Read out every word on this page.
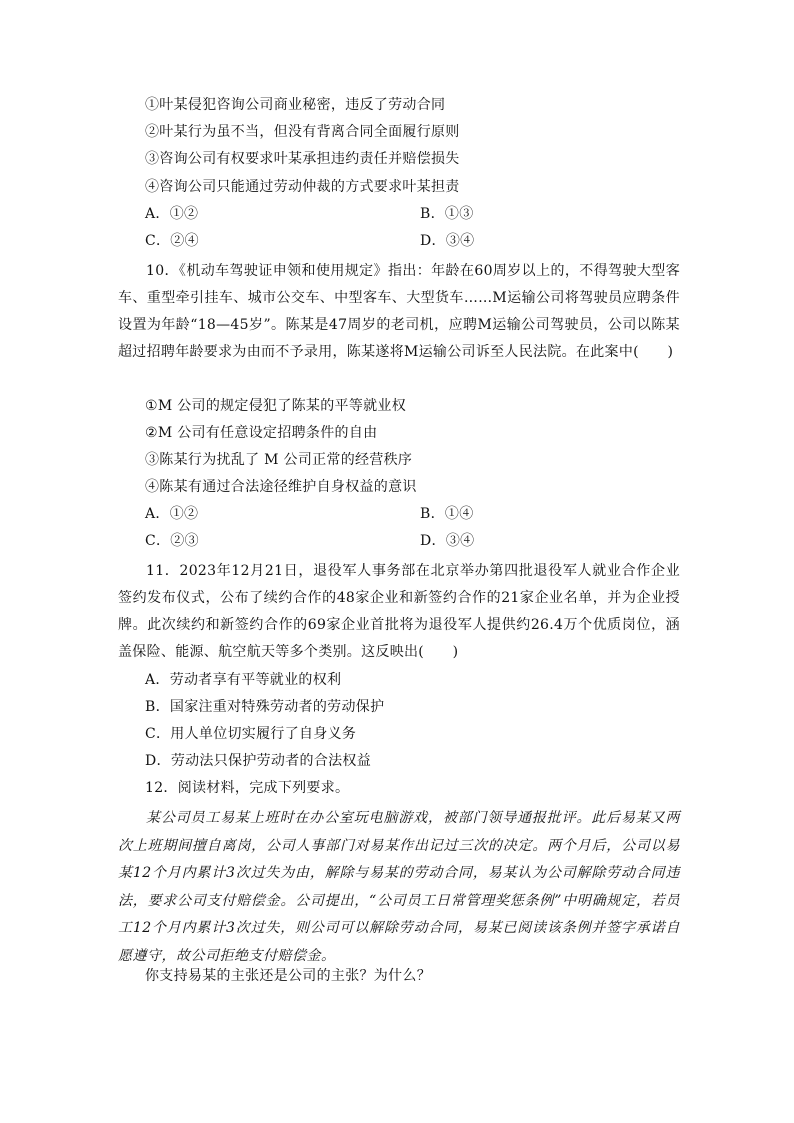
①叶某侵犯咨询公司商业秘密，违反了劳动合同
②叶某行为虽不当，但没有背离合同全面履行原则
③咨询公司有权要求叶某承担违约责任并赔偿损失
④咨询公司只能通过劳动仲裁的方式要求叶某担责
A．①②	B．①③
C．②④	D．③④
10．《机动车驾驶证申领和使用规定》指出：年龄在60周岁以上的，不得驾驶大型客车、重型牵引挂车、城市公交车、中型客车、大型货车……M运输公司将驾驶员应聘条件设置为年龄“18—45岁”。陈某是47周岁的老司机，应聘M运输公司驾驶员，公司以陈某超过招聘年龄要求为由而不予录用，陈某遂将M运输公司诉至人民法院。在此案中(　　)
①M 公司的规定侵犯了陈某的平等就业权
②M 公司有任意设定招聘条件的自由
③陈某行为扰乱了 M 公司正常的经营秩序
④陈某有通过合法途径维护自身权益的意识
A．①②	B．①④
C．②③	D．③④
11．2023年12月21日，退役军人事务部在北京举办第四批退役军人就业合作企业签约发布仪式，公布了续约合作的48家企业和新签约合作的21家企业名单，并为企业授牌。此次续约和新签约合作的69家企业首批将为退役军人提供约26.4万个优质岗位，涵盖保险、能源、航空航天等多个类别。这反映出(　　)
A．劳动者享有平等就业的权利
B．国家注重对特殊劳动者的劳动保护
C．用人单位切实履行了自身义务
D．劳动法只保护劳动者的合法权益
12．阅读材料，完成下列要求。
某公司员工易某上班时在办公室玩电脑游戏，被部门领导通报批评。此后易某又两次上班期间擅自离岗，公司人事部门对易某作出记过三次的决定。两个月后，公司以易某12个月内累计3次过失为由，解除与易某的劳动合同，易某认为公司解除劳动合同违法，要求公司支付赔偿金。公司提出，“公司员工日常管理奖惩条例”中明确规定，若员工12个月内累计3次过失，则公司可以解除劳动合同，易某已阅读该条例并签字承诺自愿遵守，故公司拒绝支付赔偿金。
你支持易某的主张还是公司的主张？为什么？
